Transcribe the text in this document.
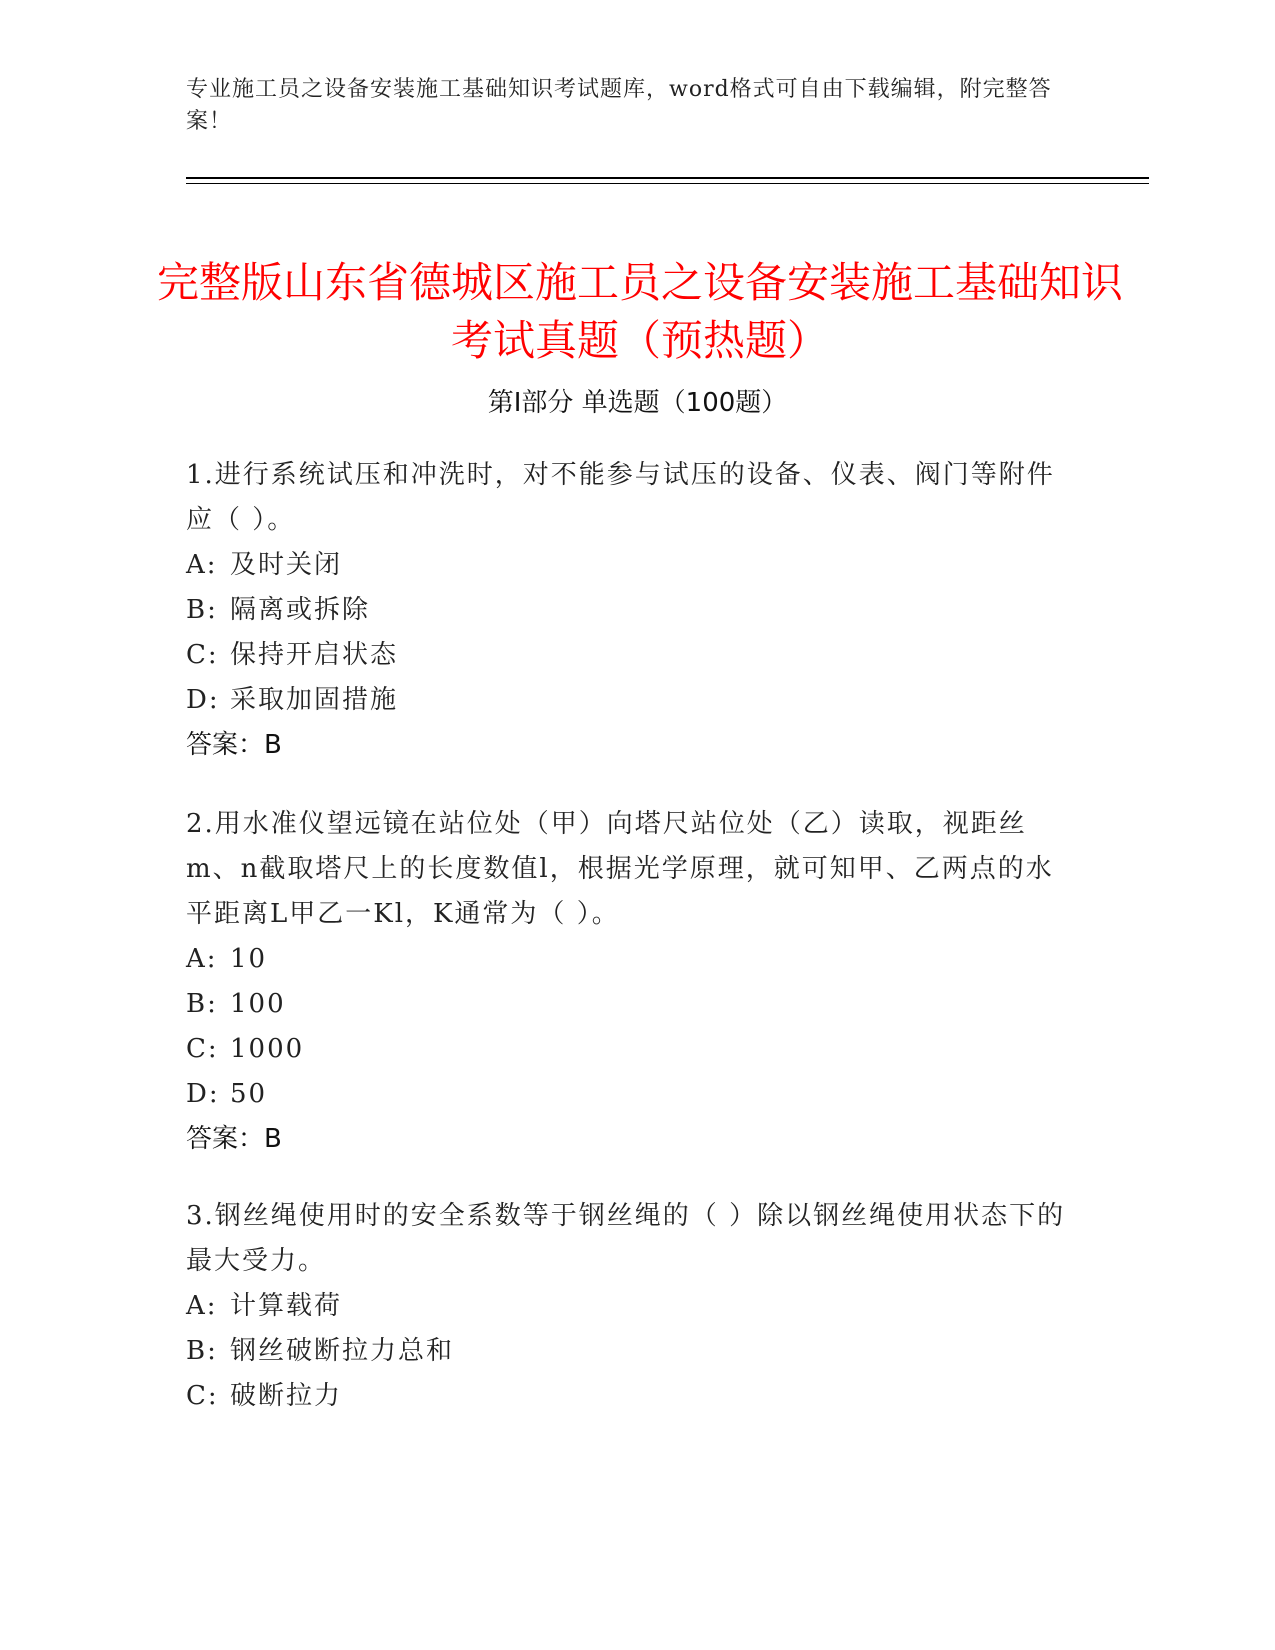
专业施工员之设备安装施工基础知识考试题库，word格式可自由下载编辑，附完整答案！
完整版山东省德城区施工员之设备安装施工基础知识考试真题（预热题）
第I部分 单选题（100题）

1.进行系统试压和冲洗时，对不能参与试压的设备、仪表、阀门等附件应（ ）。

A: 及时关闭

B: 隔离或拆除

C: 保持开启状态

D: 采取加固措施

答案：B

2.用水准仪望远镜在站位处（甲）向塔尺站位处（乙）读取，视距丝m、n截取塔尺上的长度数值l，根据光学原理，就可知甲、乙两点的水平距离L甲乙一Kl，K通常为（ ）。

A: 10

B: 100

C: 1000

D: 50

答案：B

3.钢丝绳使用时的安全系数等于钢丝绳的（ ）除以钢丝绳使用状态下的最大受力。

A: 计算载荷

B: 钢丝破断拉力总和

C: 破断拉力
